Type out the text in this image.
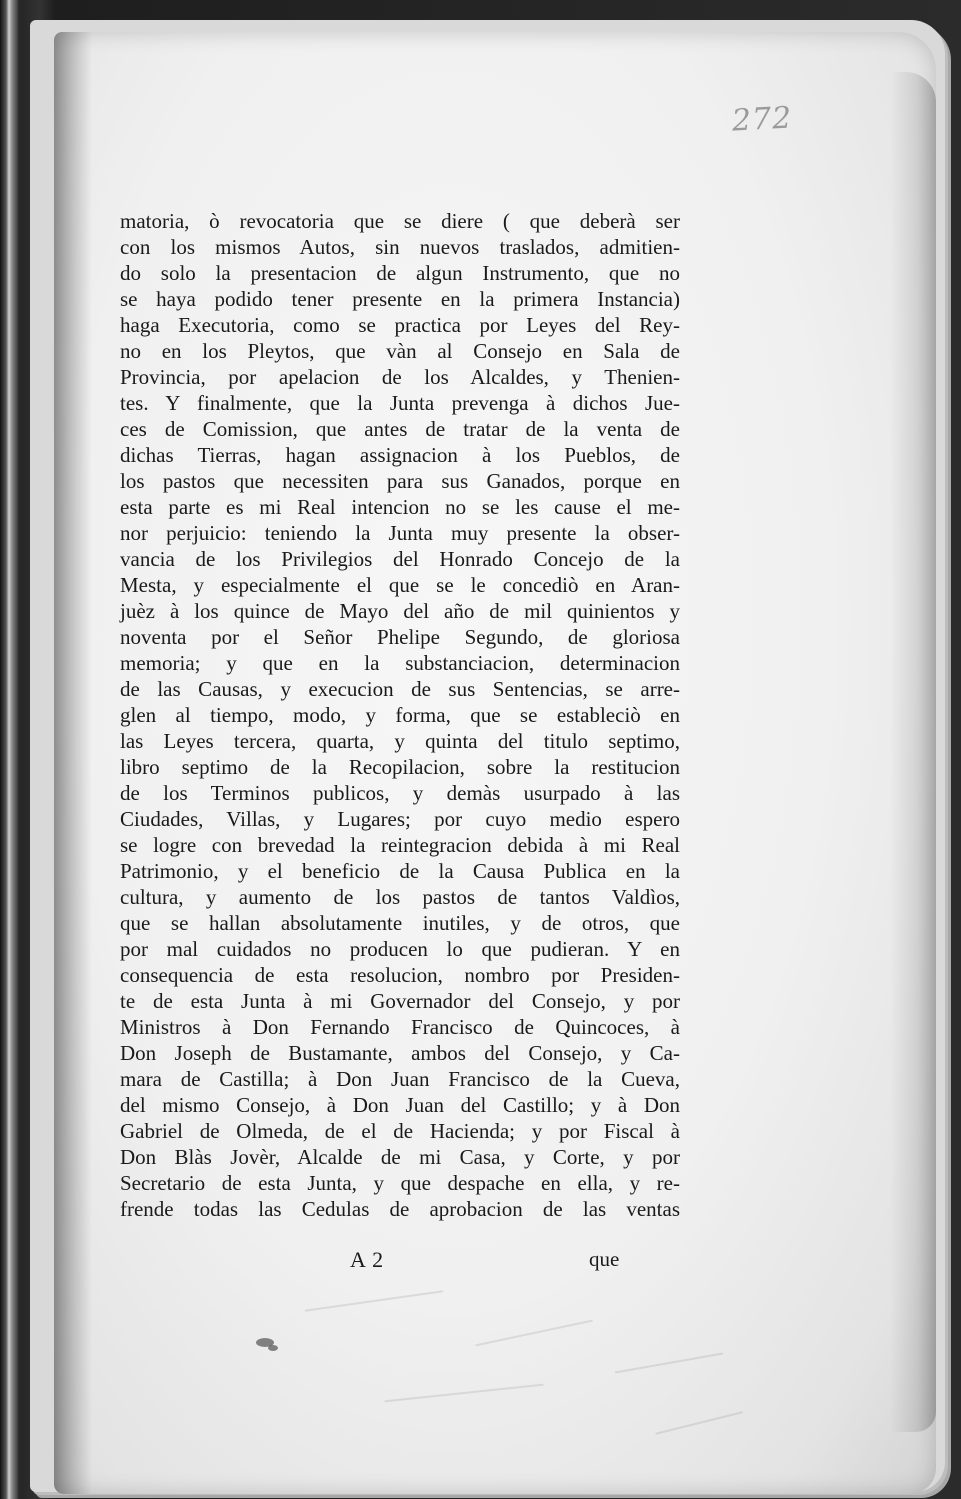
272

matoria, ò revocatoria que se diere ( que deberà ser
con los mismos Autos, sin nuevos traslados, admitien-
do solo la presentacion de algun Instrumento, que no
se haya podido tener presente en la primera Instancia)
haga Executoria, como se practica por Leyes del Rey-
no en los Pleytos, que vàn al Consejo en Sala de
Provincia, por apelacion de los Alcaldes, y Thenien-
tes. Y finalmente, que la Junta prevenga à dichos Jue-
ces de Comission, que antes de tratar de la venta de
dichas Tierras, hagan assignacion à los Pueblos, de
los pastos que necessiten para sus Ganados, porque en
esta parte es mi Real intencion no se les cause el me-
nor perjuicio: teniendo la Junta muy presente la obser-
vancia de los Privilegios del Honrado Concejo de la
Mesta, y especialmente el que se le concediò en Aran-
juèz à los quince de Mayo del año de mil quinientos y
noventa por el Señor Phelipe Segundo, de gloriosa
memoria; y que en la substanciacion, determinacion
de las Causas, y execucion de sus Sentencias, se arre-
glen al tiempo, modo, y forma, que se estableciò en
las Leyes tercera, quarta, y quinta del titulo septimo,
libro septimo de la Recopilacion, sobre la restitucion
de los Terminos publicos, y demàs usurpado à las
Ciudades, Villas, y Lugares; por cuyo medio espero
se logre con brevedad la reintegracion debida à mi Real
Patrimonio, y el beneficio de la Causa Publica en la
cultura, y aumento de los pastos de tantos Valdìos,
que se hallan absolutamente inutiles, y de otros, que
por mal cuidados no producen lo que pudieran. Y en
consequencia de esta resolucion, nombro por Presiden-
te de esta Junta à mi Governador del Consejo, y por
Ministros à Don Fernando Francisco de Quincoces, à
Don Joseph de Bustamante, ambos del Consejo, y Ca-
mara de Castilla; à Don Juan Francisco de la Cueva,
del mismo Consejo, à Don Juan del Castillo; y à Don
Gabriel de Olmeda, de el de Hacienda; y por Fiscal à
Don Blàs Jovèr, Alcalde de mi Casa, y Corte, y por
Secretario de esta Junta, y que despache en ella, y re-
frende todas las Cedulas de aprobacion de las ventas

A 2	que
